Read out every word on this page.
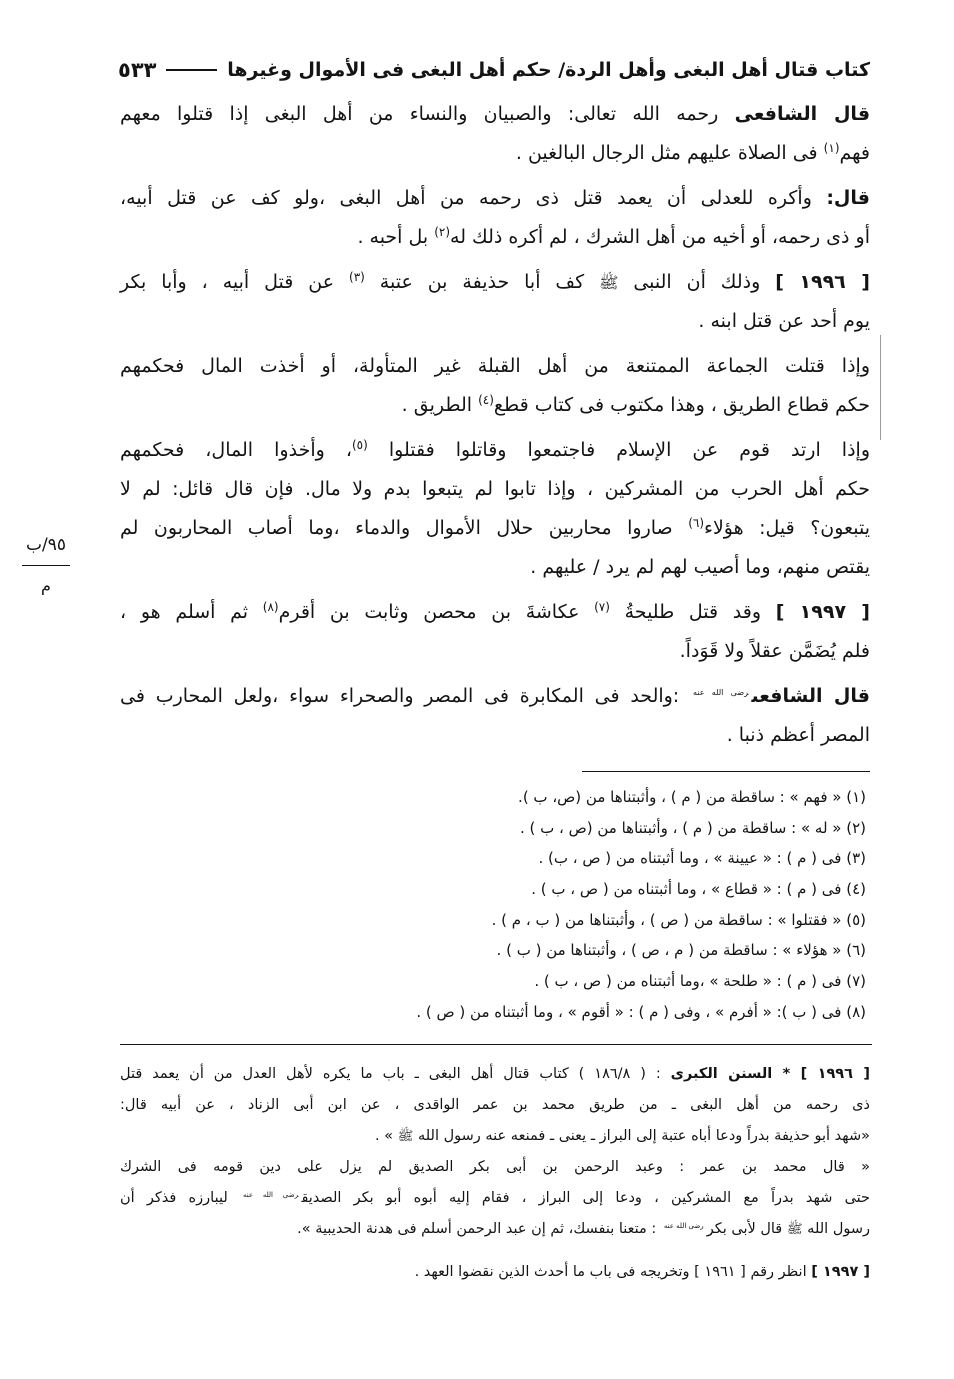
كتاب قتال أهل البغى وأهل الردة/ حكم أهل البغى فى الأموال وغيرها
٥٣٣
قال الشافعى رحمه الله تعالى: والصبيان والنساء من أهل البغى إذا قتلوا معهم
فهم$^{(١)}$ فى الصلاة عليهم مثل الرجال البالغين .
قال: وأكره للعدلى أن يعمد قتل ذى رحمه من أهل البغى ،ولو كف عن قتل أبيه،
أو ذى رحمه، أو أخيه من أهل الشرك ، لم أكره ذلك له$^{(٢)}$ بل أحبه .
[ ١٩٩٦ ] وذلك أن النبى ﷺ كف أبا حذيفة بن عتبة $^{(٣)}$ عن قتل أبيه ، وأبا بكر
يوم أحد عن قتل ابنه .
وإذا قتلت الجماعة الممتنعة من أهل القبلة غير المتأولة، أو أخذت المال فحكمهم
حكم قطاع الطريق ، وهذا مكتوب فى كتاب قطع$^{(٤)}$ الطريق .
وإذا ارتد قوم عن الإسلام فاجتمعوا وقاتلوا فقتلوا $^{(٥)}$، وأخذوا المال، فحكمهم
حكم أهل الحرب من المشركين ، وإذا تابوا لم يتبعوا بدم ولا مال. فإن قال قائل: لم لا
يتبعون؟ قيل: هؤلاء$^{(٦)}$ صاروا محاربين حلال الأموال والدماء ،وما أصاب المحاربون لم
يقتص منهم، وما أصيب لهم لم يرد / عليهم .
[ ١٩٩٧ ] وقد قتل طليحةُ $^{(٧)}$ عكاشةَ بن محصن وثابت بن أقرم$^{(٨)}$ ثم أسلم هو ،
فلم يُضَمَّن عقلاً ولا قَوَداً.
قال الشافعى$^{رضى الله عنه}$ :والحد فى المكابرة فى المصر والصحراء سواء ،ولعل المحارب فى
المصر أعظم ذنبا .
٩٥/ب
م
(١) « فهم » : ساقطة من ( م ) ، وأثبتناها من (ص، ب ).
(٢) « له » : ساقطة من ( م ) ، وأثبتناها من (ص ، ب ) .
(٣) فى ( م ) : « عيينة » ، وما أثبتناه من ( ص ، ب) .
(٤) فى ( م ) : « قطاع » ، وما أثبتناه من ( ص ، ب ) .
(٥) « فقتلوا » : ساقطة من ( ص ) ، وأثبتناها من ( ب ، م ) .
(٦) « هؤلاء » : ساقطة من ( م ، ص ) ، وأثبتناها من ( ب ) .
(٧) فى ( م ) : « طلحة » ،وما أثبتناه من ( ص ، ب ) .
(٨) فى ( ب ): « أفرم » ، وفى ( م ) : « أقوم » ، وما أثبتناه من ( ص ) .
[ ١٩٩٦ ] * السنن الكبرى : ( ١٨٦/٨ ) كتاب قتال أهل البغى ـ باب ما يكره لأهل العدل من أن يعمد قتل
ذى رحمه من أهل البغى ـ من طريق محمد بن عمر الواقدى ، عن ابن أبى الزناد ، عن أبيه قال:
«شهد أبو حذيفة بدراً ودعا أباه عتبة إلى البراز ـ يعنى ـ فمنعه عنه رسول الله ﷺ » .
« قال محمد بن عمر : وعبد الرحمن بن أبى بكر الصديق لم يزل على دين قومه فى الشرك
حتى شهد بدراً مع المشركين ، ودعا إلى البراز ، فقام إليه أبوه أبو بكر الصديق$^{رضى الله عنه}$ ليبارزه فذكر أن
رسول الله ﷺ قال لأبى بكر$^{رضى الله عنه}$ : متعنا بنفسك، ثم إن عبد الرحمن أسلم فى هدنة الحديبية ».
[ ١٩٩٧ ] انظر رقم [ ١٩٦١ ] وتخريجه فى باب ما أحدث الذين نقضوا العهد .
